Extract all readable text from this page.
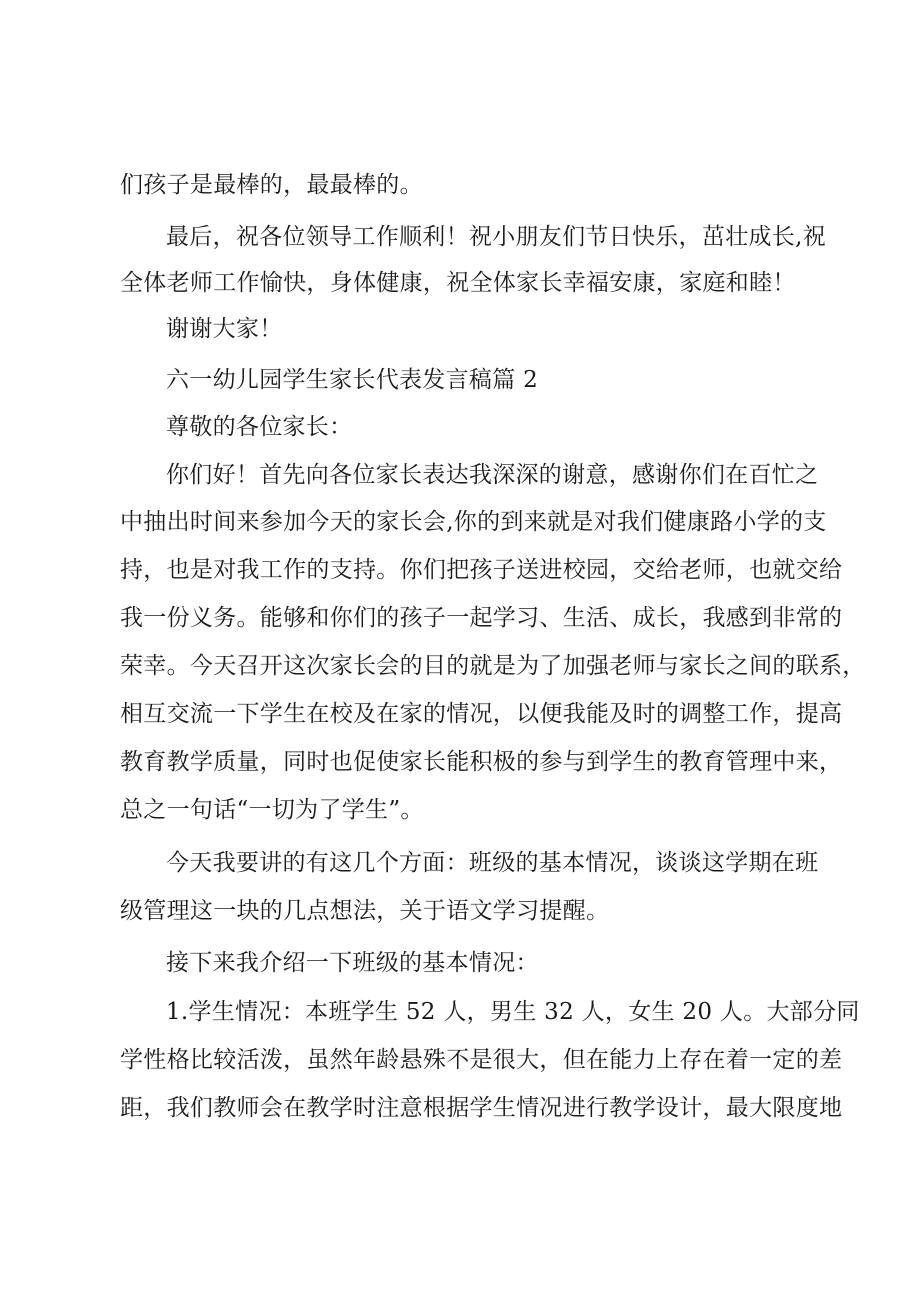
们孩子是最棒的，最最棒的。
最后，祝各位领导工作顺利！祝小朋友们节日快乐，茁壮成长,祝
全体老师工作愉快，身体健康，祝全体家长幸福安康，家庭和睦！
谢谢大家！
六一幼儿园学生家长代表发言稿篇 2
尊敬的各位家长：
你们好！首先向各位家长表达我深深的谢意，感谢你们在百忙之
中抽出时间来参加今天的家长会,你的到来就是对我们健康路小学的支
持，也是对我工作的支持。你们把孩子送进校园，交给老师，也就交给
我一份义务。能够和你们的孩子一起学习、生活、成长，我感到非常的
荣幸。今天召开这次家长会的目的就是为了加强老师与家长之间的联系，
相互交流一下学生在校及在家的情况，以便我能及时的调整工作，提高
教育教学质量，同时也促使家长能积极的参与到学生的教育管理中来，
总之一句话“一切为了学生”。
今天我要讲的有这几个方面：班级的基本情况，谈谈这学期在班
级管理这一块的几点想法，关于语文学习提醒。
接下来我介绍一下班级的基本情况：
1.学生情况：本班学生 52 人，男生 32 人，女生 20 人。大部分同
学性格比较活泼，虽然年龄悬殊不是很大，但在能力上存在着一定的差
距，我们教师会在教学时注意根据学生情况进行教学设计，最大限度地
